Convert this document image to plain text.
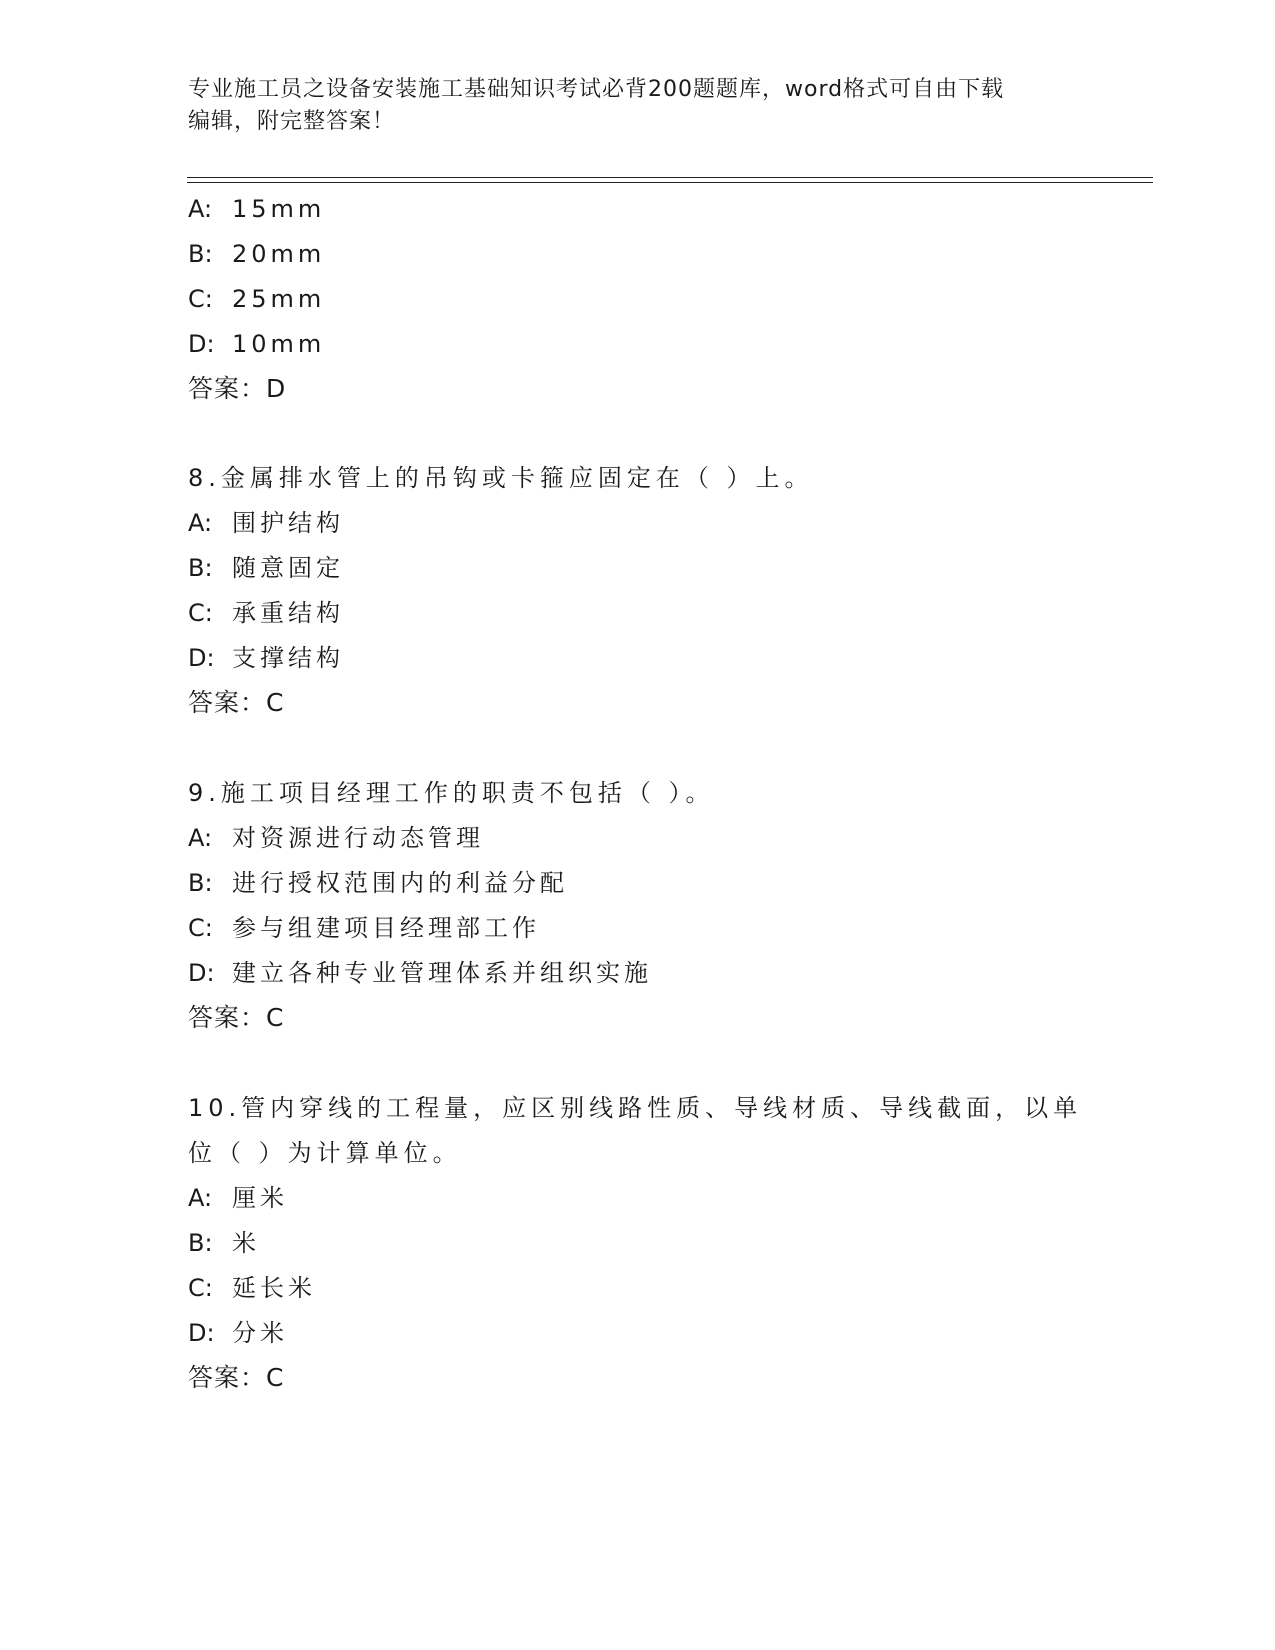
专业施工员之设备安装施工基础知识考试必背200题题库，word格式可自由下载
编辑，附完整答案！
A: 15mm
B: 20mm
C: 25mm
D: 10mm
答案：D
8.金属排水管上的吊钩或卡箍应固定在（ ）上。
A: 围护结构
B: 随意固定
C: 承重结构
D: 支撑结构
答案：C
9.施工项目经理工作的职责不包括（ ）。
A: 对资源进行动态管理
B: 进行授权范围内的利益分配
C: 参与组建项目经理部工作
D: 建立各种专业管理体系并组织实施
答案：C
10.管内穿线的工程量，应区别线路性质、导线材质、导线截面，以单
位（ ）为计算单位。
A: 厘米
B: 米
C: 延长米
D: 分米
答案：C
